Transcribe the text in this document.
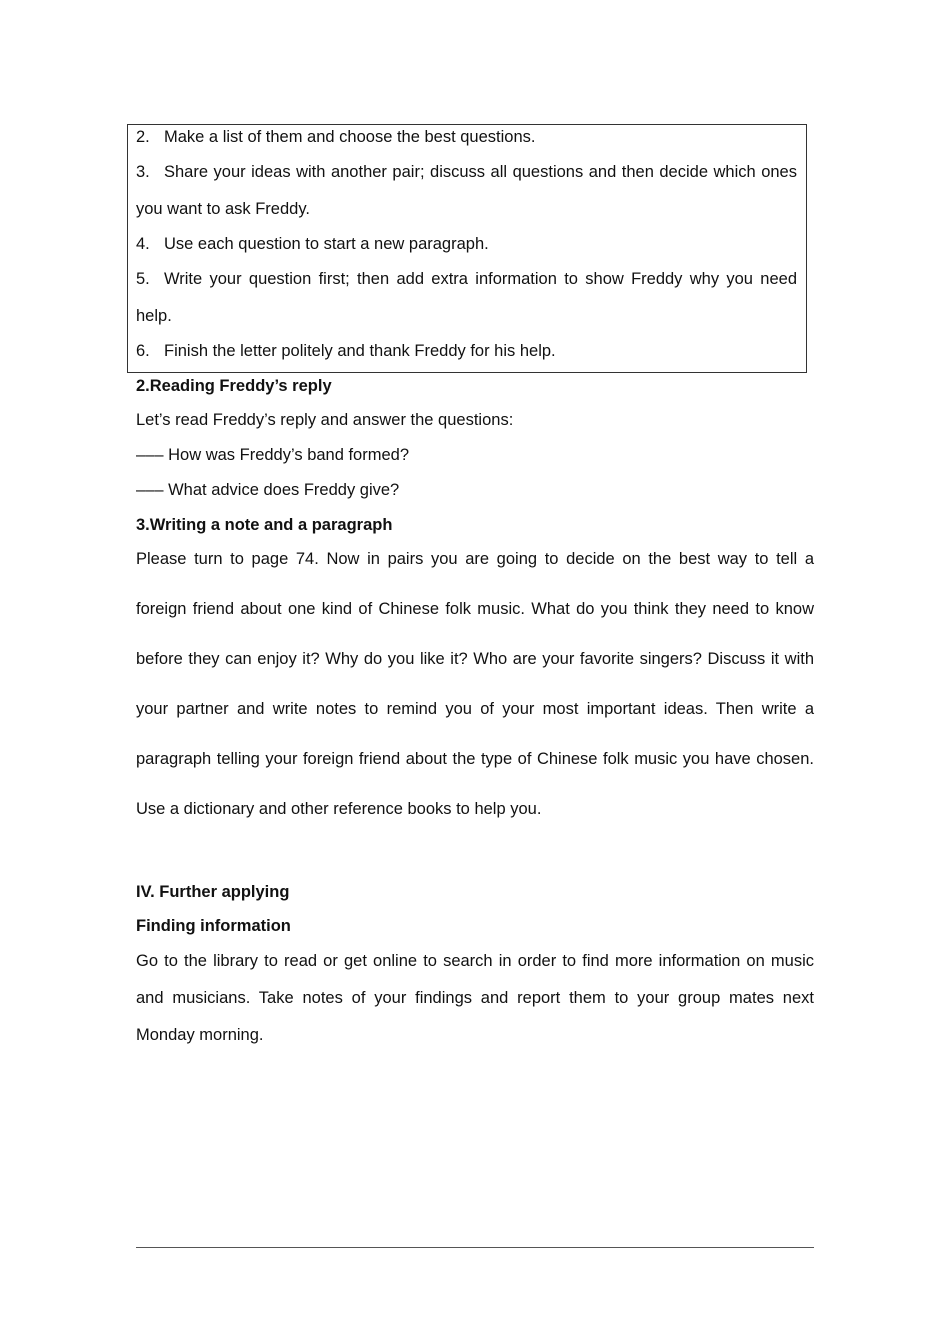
2. Make a list of them and choose the best questions.
3. Share your ideas with another pair; discuss all questions and then decide which ones
you want to ask Freddy.
4. Use each question to start a new paragraph.
5. Write your question first; then add extra information to show Freddy why you need
help.
6. Finish the letter politely and thank Freddy for his help.
2.Reading Freddy’s reply
Let’s read Freddy’s reply and answer the questions:
––– How was Freddy’s band formed?
––– What advice does Freddy give?
3.Writing a note and a paragraph
Please turn to page 74. Now in pairs you are going to decide on the best way to tell a
foreign friend about one kind of Chinese folk music. What do you think they need to know
before they can enjoy it? Why do you like it? Who are your favorite singers? Discuss it with
your partner and write notes to remind you of your most important ideas. Then write a
paragraph telling your foreign friend about the type of Chinese folk music you have chosen.
Use a dictionary and other reference books to help you.
IV. Further applying
Finding information
Go to the library to read or get online to search in order to find more information on music
and musicians. Take notes of your findings and report them to your group mates next
Monday morning.
